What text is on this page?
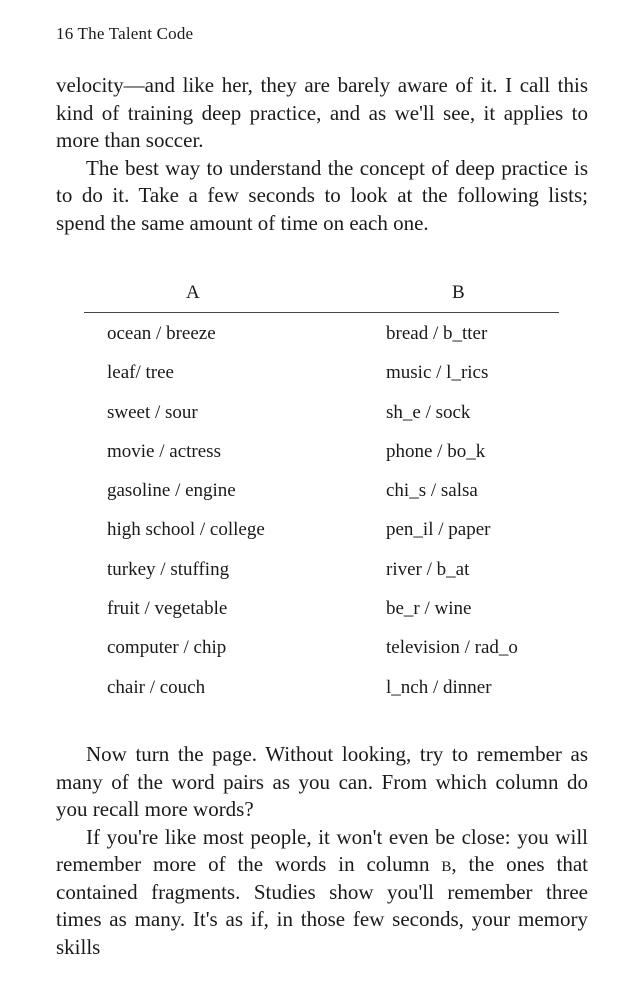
16 The Talent Code

velocity—and like her, they are barely aware of it. I call this kind of training deep practice, and as we'll see, it applies to more than soccer.

The best way to understand the concept of deep practice is to do it. Take a few seconds to look at the following lists; spend the same amount of time on each one.

A	B
ocean / breeze	bread / b_tter
leaf/ tree	music / l_rics
sweet / sour	sh_e / sock
movie / actress	phone / bo_k
gasoline / engine	chi_s / salsa
high school / college	pen_il / paper
turkey / stuffing	river / b_at
fruit / vegetable	be_r / wine
computer / chip	television / rad_o
chair / couch	l_nch / dinner

Now turn the page. Without looking, try to remember as many of the word pairs as you can. From which column do you recall more words?

If you're like most people, it won't even be close: you will remember more of the words in column b, the ones that contained fragments. Studies show you'll remember three times as many. It's as if, in those few seconds, your memory skills
